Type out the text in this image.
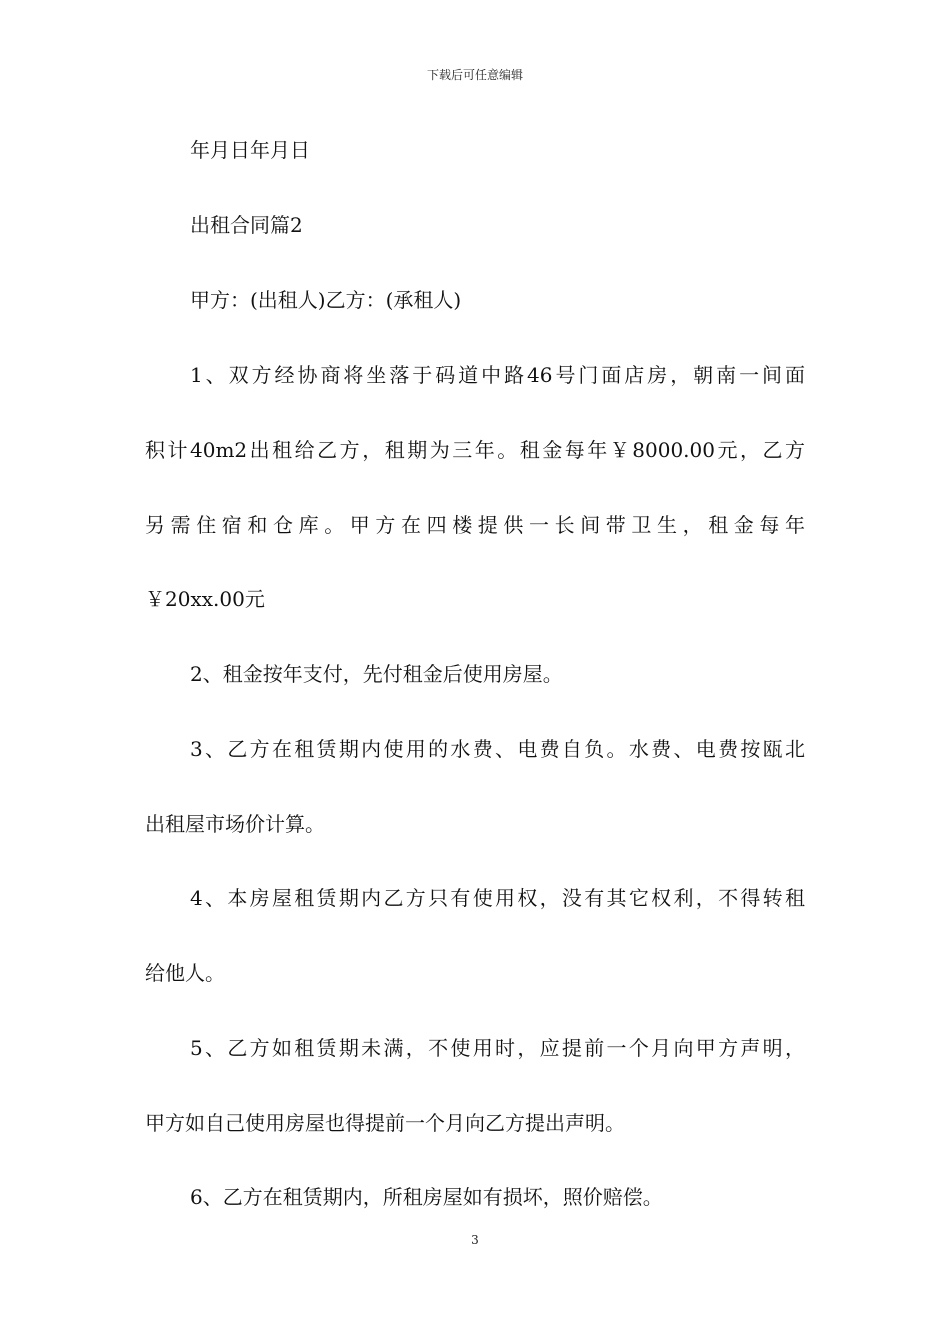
下载后可任意编辑
年月日年月日
出租合同篇2
甲方：(出租人)乙方：(承租人)
1、双方经协商将坐落于码道中路46号门面店房，朝南一间面
积计40m2出租给乙方，租期为三年。租金每年￥8000.00元，乙方
另需住宿和仓库。甲方在四楼提供一长间带卫生，租金每年
￥20xx.00元
2、租金按年支付，先付租金后使用房屋。
3、乙方在租赁期内使用的水费、电费自负。水费、电费按瓯北
出租屋市场价计算。
4、本房屋租赁期内乙方只有使用权，没有其它权利，不得转租
给他人。
5、乙方如租赁期未满，不使用时，应提前一个月向甲方声明，
甲方如自己使用房屋也得提前一个月向乙方提出声明。
6、乙方在租赁期内，所租房屋如有损坏，照价赔偿。
3
